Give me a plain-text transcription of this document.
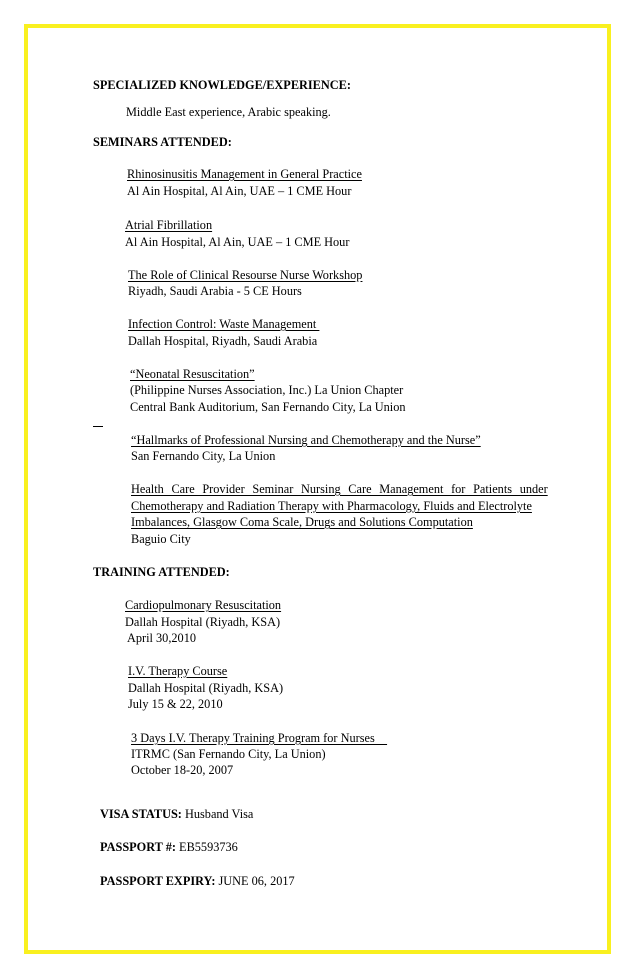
SPECIALIZED KNOWLEDGE/EXPERIENCE:
Middle East experience, Arabic speaking.
SEMINARS ATTENDED:
Rhinosinusitis Management in General Practice
Al Ain Hospital, Al Ain, UAE – 1 CME Hour
Atrial Fibrillation
Al Ain Hospital, Al Ain, UAE – 1 CME Hour
The Role of Clinical Resourse Nurse Workshop
Riyadh, Saudi Arabia - 5 CE Hours
Infection Control: Waste Management
Dallah Hospital, Riyadh, Saudi Arabia
“Neonatal Resuscitation”
(Philippine Nurses Association, Inc.) La Union Chapter
Central Bank Auditorium, San Fernando City, La Union
“Hallmarks of Professional Nursing and Chemotherapy and the Nurse”
San Fernando City, La Union
Health Care Provider Seminar Nursing Care Management for Patients under
Chemotherapy and Radiation Therapy with Pharmacology, Fluids and Electrolyte
Imbalances, Glasgow Coma Scale, Drugs and Solutions Computation
Baguio City
TRAINING ATTENDED:
Cardiopulmonary Resuscitation
Dallah Hospital (Riyadh, KSA)
April 30,2010
I.V. Therapy Course
Dallah Hospital (Riyadh, KSA)
July 15 & 22, 2010
3 Days I.V. Therapy Training Program for Nurses
ITRMC (San Fernando City, La Union)
October 18-20, 2007
VISA STATUS: Husband Visa
PASSPORT #: EB5593736
PASSPORT EXPIRY: JUNE 06, 2017
